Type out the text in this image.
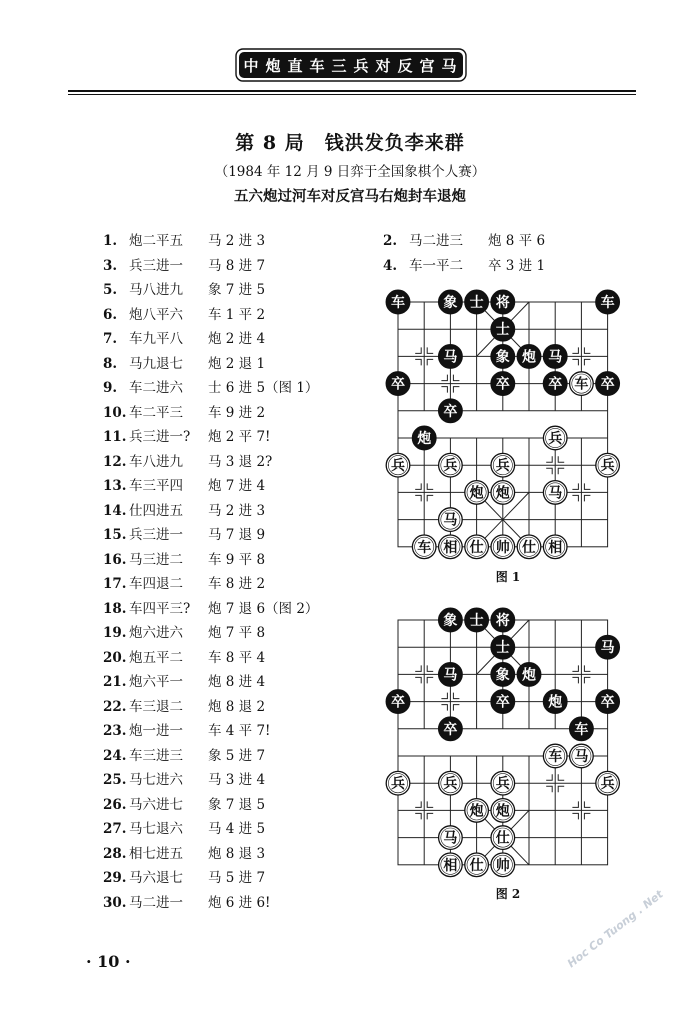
中 炮 直 车 三 兵 对 反 宫 马
第 8 局　钱洪发负李来群
（1984 年 12 月 9 日弈于全国象棋个人赛）
五六炮过河车对反宫马右炮封车退炮
1. 炮二平五	马 2 进 3
3. 兵三进一	马 8 进 7
5. 马八进九	象 7 进 5
6. 炮八平六	车 1 平 2
7. 车九平八	炮 2 进 4
8. 马九退七	炮 2 退 1
9. 车二进六	士 6 进 5（图 1）
10. 车二平三	车 9 进 2
11. 兵三进一?	炮 2 平 7!
12. 车八进九	马 3 退 2?
13. 车三平四	炮 7 进 4
14. 仕四进五	马 2 进 3
15. 兵三进一	马 7 退 9
16. 马三进二	车 9 平 8
17. 车四退二	车 8 进 2
18. 车四平三?	炮 7 退 6（图 2）
19. 炮六进六	炮 7 平 8
20. 炮五平二	车 8 平 4
21. 炮六平一	炮 8 进 4
22. 车三退二	炮 8 退 2
23. 炮一进一	车 4 平 7!
24. 车三进三	象 5 进 7
25. 马七进六	马 3 进 4
26. 马六进七	象 7 退 5
27. 马七退六	马 4 进 5
28. 相七进五	炮 8 退 3
29. 马六退七	马 5 进 7
30. 马二进一	炮 6 进 6!
2. 马二进三	炮 8 平 6
4. 车一平二	卒 3 进 1
车	象 士 将	车
士
马	象 炮 马
卒	卒	卒 车 卒
卒
炮	兵
兵	兵	兵	兵
炮 炮	马
马
车 相 仕 帅 仕 相
图 1
象 士 将
士	马
马	象 炮
卒	卒	炮	卒
卒	车
车 马
兵	兵	兵	兵
炮 炮
马	仕
相 仕 帅
图 2
· 10 ·	Hoc Co Tuong . Net
